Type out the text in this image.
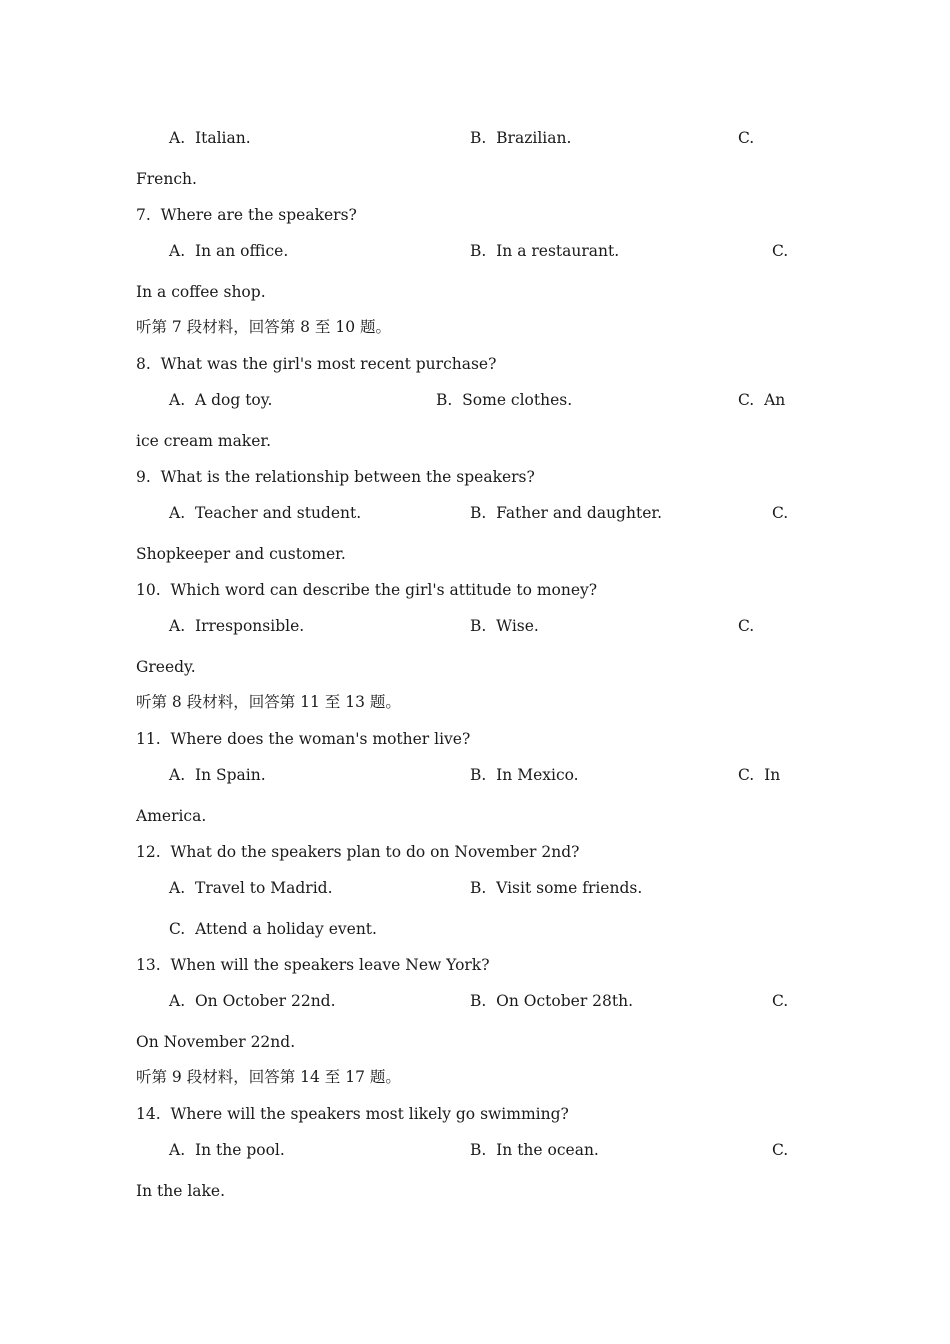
A.  Italian.	B.  Brazilian.	C.
French.
7.  Where are the speakers?
A.  In an office.	B.  In a restaurant.	C.
In a coffee shop.
听第 7 段材料，回答第 8 至 10 题。
8.  What was the girl's most recent purchase?
A.  A dog toy.	B.  Some clothes.	C.  An
ice cream maker.
9.  What is the relationship between the speakers?
A.  Teacher and student.	B.  Father and daughter.	C.
Shopkeeper and customer.
10.  Which word can describe the girl's attitude to money?
A.  Irresponsible.	B.  Wise.	C.
Greedy.
听第 8 段材料，回答第 11 至 13 题。
11.  Where does the woman's mother live?
A.  In Spain.	B.  In Mexico.	C.  In
America.
12.  What do the speakers plan to do on November 2nd?
A.  Travel to Madrid.	B.  Visit some friends.
C.  Attend a holiday event.
13.  When will the speakers leave New York?
A.  On October 22nd.	B.  On October 28th.	C.
On November 22nd.
听第 9 段材料，回答第 14 至 17 题。
14.  Where will the speakers most likely go swimming?
A.  In the pool.	B.  In the ocean.	C.
In the lake.
